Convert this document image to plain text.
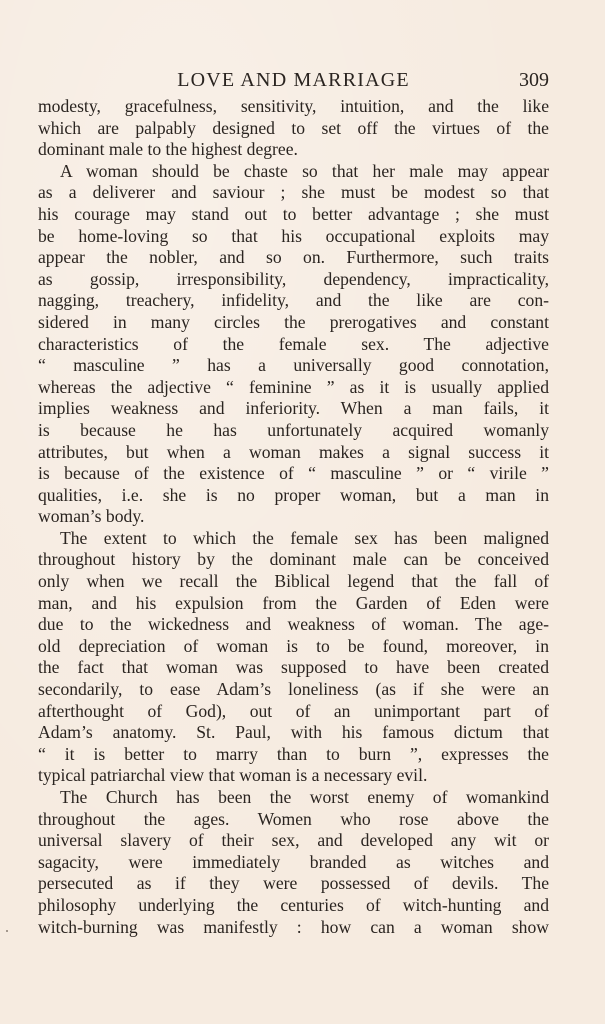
LOVE AND MARRIAGE	309

modesty, gracefulness, sensitivity, intuition, and the like
which are palpably designed to set off the virtues of the
dominant male to the highest degree.

A woman should be chaste so that her male may appear
as a deliverer and saviour ; she must be modest so that
his courage may stand out to better advantage ; she must
be home-loving so that his occupational exploits may
appear the nobler, and so on. Furthermore, such traits
as gossip, irresponsibility, dependency, impracticality,
nagging, treachery, infidelity, and the like are con-
sidered in many circles the prerogatives and constant
characteristics of the female sex. The adjective
“ masculine ” has a universally good connotation,
whereas the adjective “ feminine ” as it is usually applied
implies weakness and inferiority. When a man fails, it
is because he has unfortunately acquired womanly
attributes, but when a woman makes a signal success it
is because of the existence of “ masculine ” or “ virile ”
qualities, i.e. she is no proper woman, but a man in
woman’s body.

The extent to which the female sex has been maligned
throughout history by the dominant male can be conceived
only when we recall the Biblical legend that the fall of
man, and his expulsion from the Garden of Eden were
due to the wickedness and weakness of woman. The age-
old depreciation of woman is to be found, moreover, in
the fact that woman was supposed to have been created
secondarily, to ease Adam’s loneliness (as if she were an
afterthought of God), out of an unimportant part of
Adam’s anatomy. St. Paul, with his famous dictum that
“ it is better to marry than to burn ”, expresses the
typical patriarchal view that woman is a necessary evil.

The Church has been the worst enemy of womankind
throughout the ages. Women who rose above the
universal slavery of their sex, and developed any wit or
sagacity, were immediately branded as witches and
persecuted as if they were possessed of devils. The
philosophy underlying the centuries of witch-hunting and
witch-burning was manifestly : how can a woman show
